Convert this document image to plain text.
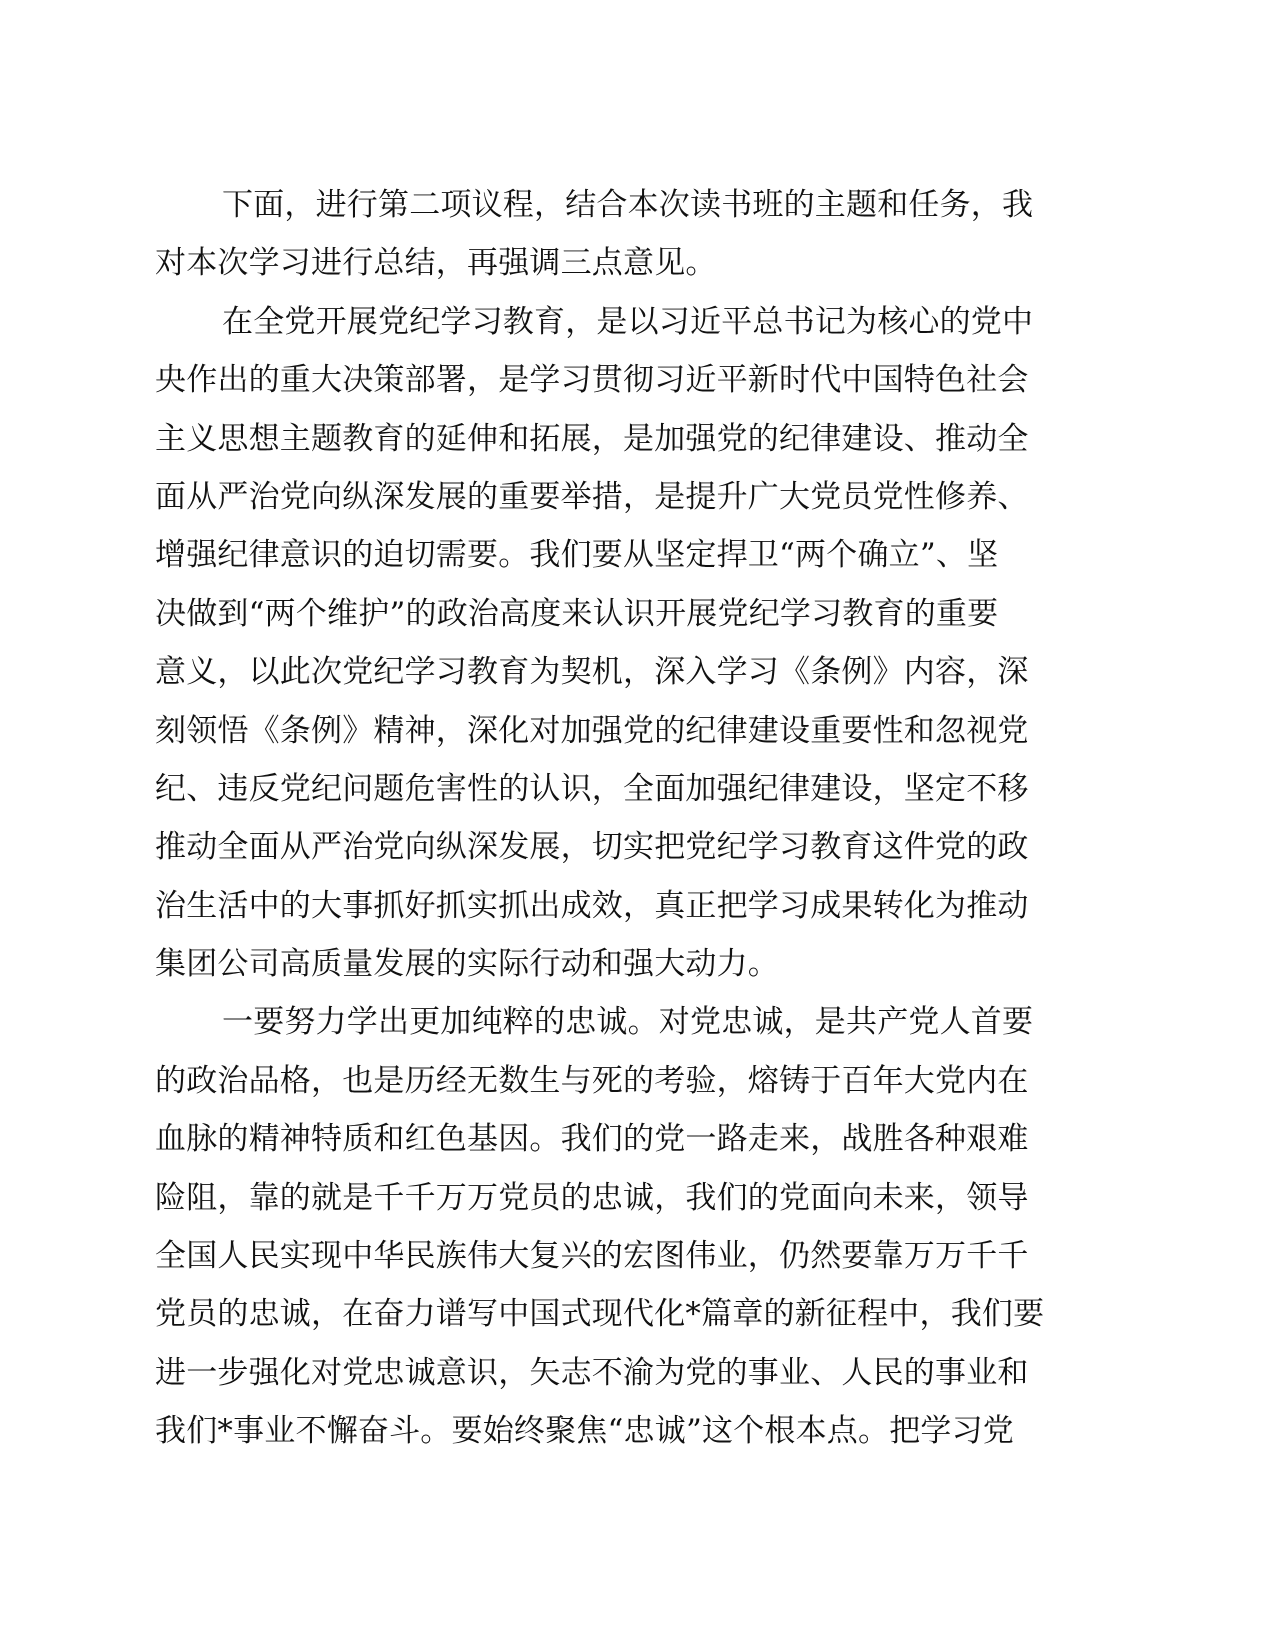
下面，进行第二项议程，结合本次读书班的主题和任务，我
对本次学习进行总结，再强调三点意见。
在全党开展党纪学习教育，是以习近平总书记为核心的党中
央作出的重大决策部署，是学习贯彻习近平新时代中国特色社会
主义思想主题教育的延伸和拓展，是加强党的纪律建设、推动全
面从严治党向纵深发展的重要举措，是提升广大党员党性修养、
增强纪律意识的迫切需要。我们要从坚定捍卫“两个确立”、坚
决做到“两个维护”的政治高度来认识开展党纪学习教育的重要
意义，以此次党纪学习教育为契机，深入学习《条例》内容，深
刻领悟《条例》精神，深化对加强党的纪律建设重要性和忽视党
纪、违反党纪问题危害性的认识，全面加强纪律建设，坚定不移
推动全面从严治党向纵深发展，切实把党纪学习教育这件党的政
治生活中的大事抓好抓实抓出成效，真正把学习成果转化为推动
集团公司高质量发展的实际行动和强大动力。
一要努力学出更加纯粹的忠诚。对党忠诚，是共产党人首要
的政治品格，也是历经无数生与死的考验，熔铸于百年大党内在
血脉的精神特质和红色基因。我们的党一路走来，战胜各种艰难
险阻，靠的就是千千万万党员的忠诚，我们的党面向未来，领导
全国人民实现中华民族伟大复兴的宏图伟业，仍然要靠万万千千
党员的忠诚，在奋力谱写中国式现代化*篇章的新征程中，我们要
进一步强化对党忠诚意识，矢志不渝为党的事业、人民的事业和
我们*事业不懈奋斗。要始终聚焦“忠诚”这个根本点。把学习党
